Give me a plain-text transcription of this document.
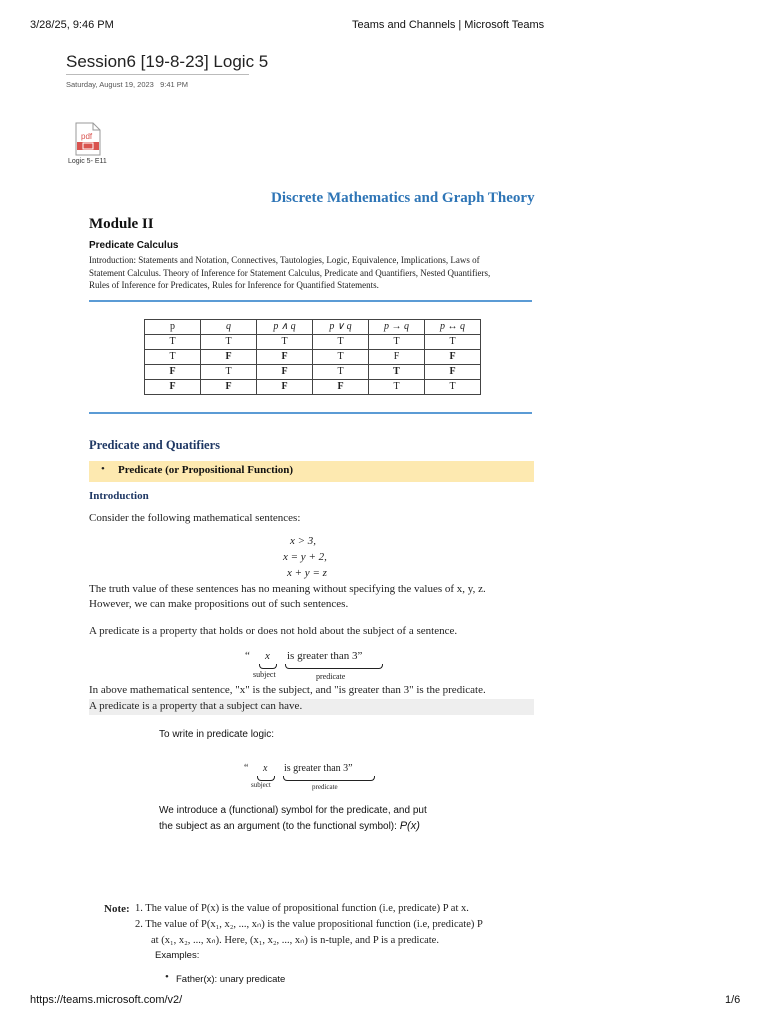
3/28/25, 9:46 PM	Teams and Channels | Microsoft Teams
Session6 [19-8-23] Logic 5
Saturday, August 19, 2023 9:41 PM
pdf
Logic 5- E11
Discrete Mathematics and Graph Theory
Module II
Predicate Calculus
Introduction: Statements and Notation, Connectives, Tautologies, Logic, Equivalence, Implications, Laws of
Statement Calculus. Theory of Inference for Statement Calculus, Predicate and Quantifiers, Nested Quantifiers,
Rules of Inference for Predicates, Rules for Inference for Quantified Statements.
p	q	p ∧ q	p ∨ q	p → q	p ↔ q
T	T	T	T	T	T
T	F	F	T	F	F
F	T	F	T	T	F
F	F	F	F	T	T
Predicate and Quatifiers
• Predicate (or Propositional Function)
Introduction
Consider the following mathematical sentences:
x > 3,
x = y + 2,
x + y = z
The truth value of these sentences has no meaning without specifying the values of x, y, z.
However, we can make propositions out of such sentences.
A predicate is a property that holds or does not hold about the subject of a sentence.
“ x is greater than 3”
subject	predicate
In above mathematical sentence, "x" is the subject, and "is greater than 3" is the predicate.
A predicate is a property that a subject can have.
To write in predicate logic:
“ x is greater than 3”
subject	predicate
We introduce a (functional) symbol for the predicate, and put
the subject as an argument (to the functional symbol): P(x)
Note: 1. The value of P(x) is the value of propositional function (i.e, predicate) P at x.
2. The value of P(x₁, x₂, ..., xₙ) is the value propositional function (i.e, predicate) P
at (x₁, x₂, ..., xₙ). Here, (x₁, x₂, ..., xₙ) is n-tuple, and P is a predicate.
Examples:
• Father(x): unary predicate
https://teams.microsoft.com/v2/	1/6
